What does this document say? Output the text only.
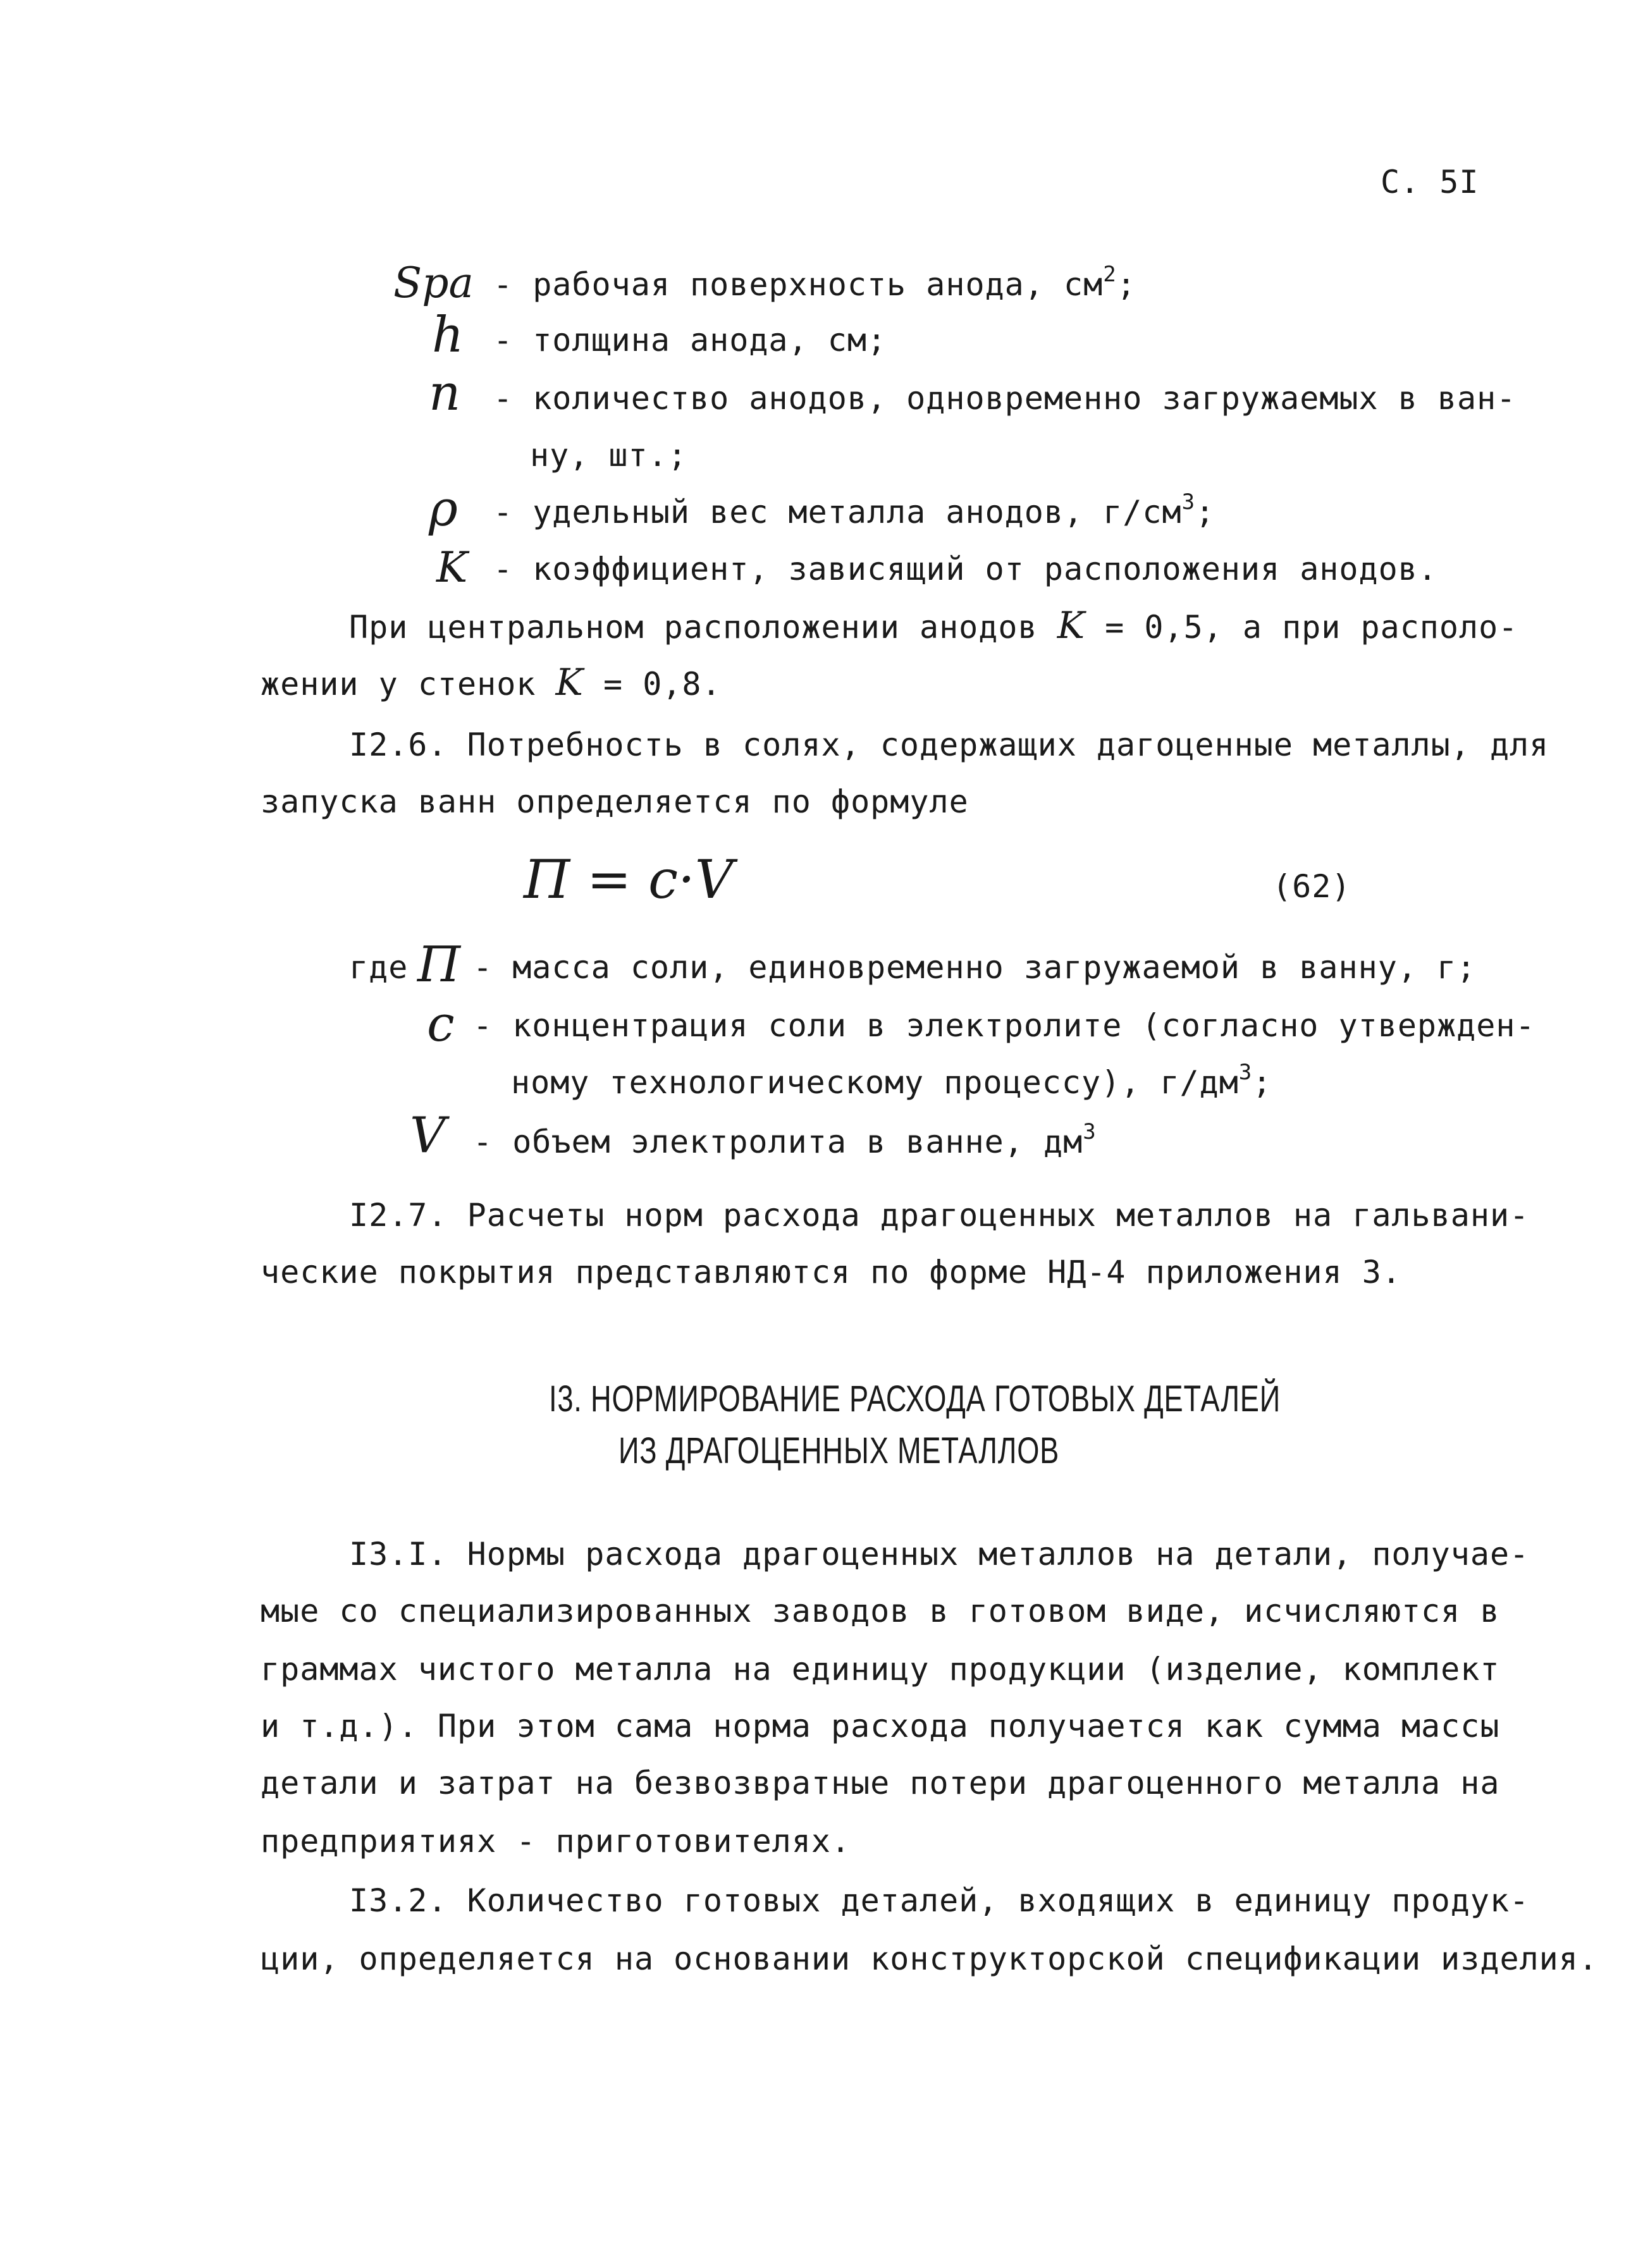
С. 5I
Sра - рабочая поверхность анода, $см^2$;
h - толщина анода, см;
n - количество анодов, одновременно загружаемых в ван-
ну, шт.;
ρ - удельный вес металла анодов, $г/см^3$;
K - коэффициент, зависящий от расположения анодов.
При центральном расположении анодов K = 0,5, а при располо-
жении у стенок K = 0,8.
I2.6. Потребность в солях, содержащих дагоценные металлы, для
запуска ванн определяется по формуле
П = c·V	(62)
где П - масса соли, единовременно загружаемой в ванну, г;
c - концентрация соли в электролите (согласно утвержден-
ному технологическому процессу), $г/дм^3$;
V - объем электролита в ванне, $дм^3$
I2.7. Расчеты норм расхода драгоценных металлов на гальвани-
ческие покрытия представляются по форме НД-4 приложения 3.
I3. НОРМИРОВАНИЕ РАСХОДА ГОТОВЫХ ДЕТАЛЕЙ
ИЗ ДРАГОЦЕННЫХ МЕТАЛЛОВ
I3.I. Нормы расхода драгоценных металлов на детали, получае-
мые со специализированных заводов в готовом виде, исчисляются в
граммах чистого металла на единицу продукции (изделие, комплект
и т.д.). При этом сама норма расхода получается как сумма массы
детали и затрат на безвозвратные потери драгоценного металла на
предприятиях - приготовителях.
I3.2. Количество готовых деталей, входящих в единицу продук-
ции, определяется на основании конструкторской спецификации изделия.
